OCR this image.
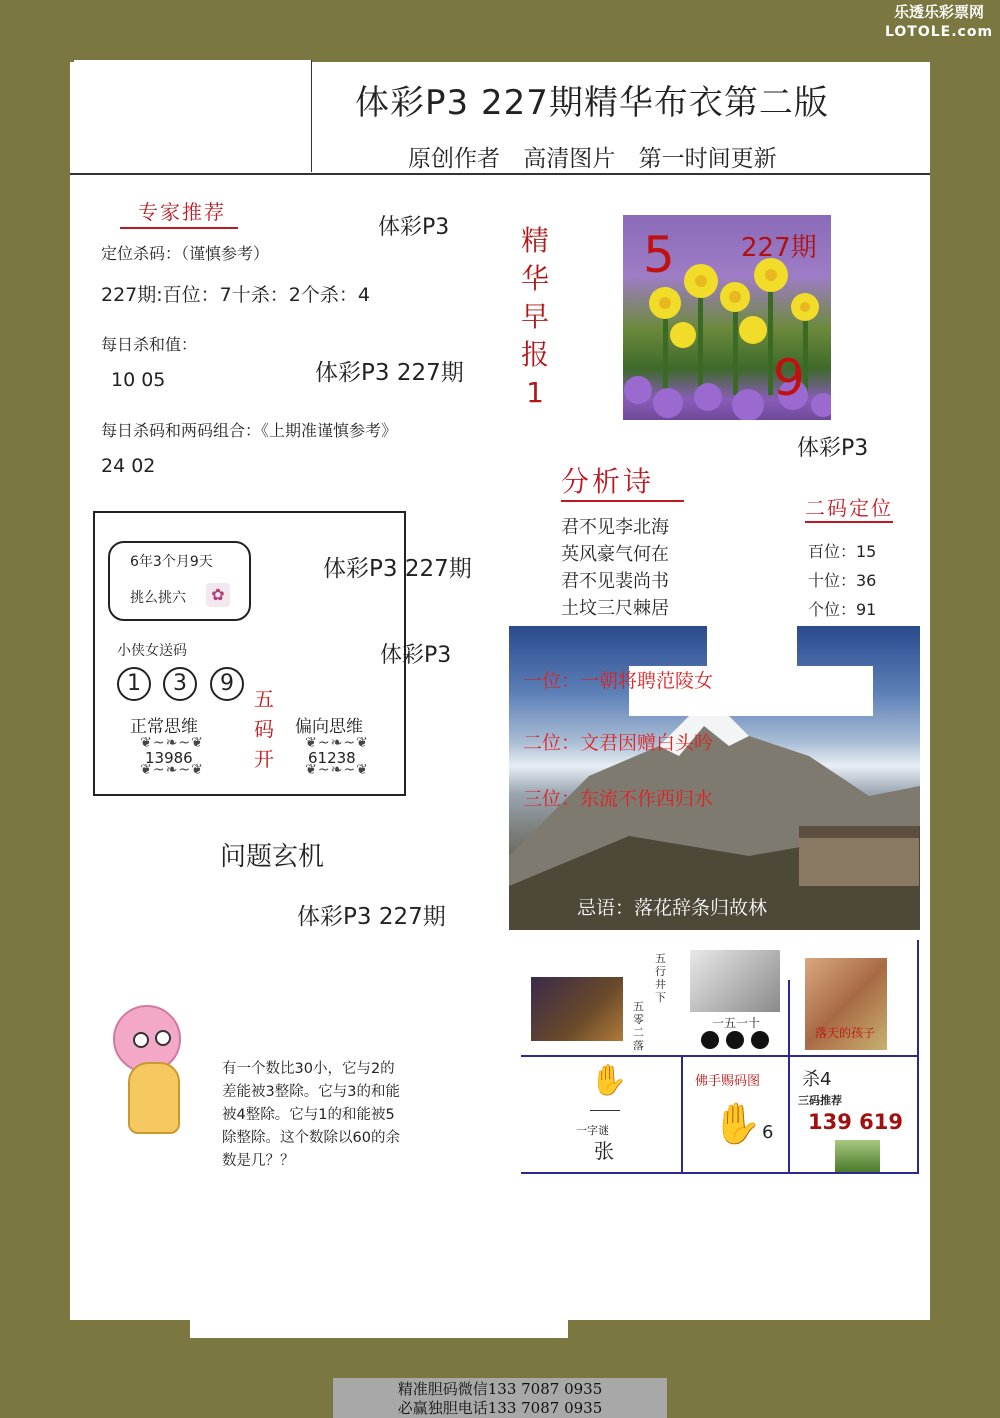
乐透乐彩票网
LOTOLE.com
体彩P3 227期精华布衣第二版
原创作者 高清图片 第一时间更新
专家推荐
定位杀码：（谨慎参考）
227期:百位：7十杀：2个杀：4
每日杀和值：
10 05
每日杀码和两码组合：《上期准谨慎参考》
24 02
体彩P3
体彩P3 227期
体彩P3
体彩P3 227期
体彩P3
体彩P3 227期
精
华
早
报
1
5	227期
9
分析诗
君不见李北海
英风豪气何在
君不见裴尚书
土坟三尺棘居
二码定位
百位：15
十位：36
个位：91
6年3个月9天
挑么挑六	✿
小侠女送码
1	3	9
五
码
开
正常思维
❦~❧~❦
13986
❦~❧~❦
偏向思维
❦~❧~❦
61238
❦~❧~❦
一位：一朝将聘范陵女
二位：文君因赠白头吟
三位：东流不作西归水
忌语：落花辞条归故林
问题玄机
有一个数比30小，它与2的
差能被3整除。它与3的和能
被4整除。它与1的和能被5
除整除。这个数除以60的余
数是几？？
五
行
井
下
五
零
二
落
一五一十

落天的孩子
✋
一字谜
张
佛手赐码图
✋ 6
杀4
三码推荐
139 619
精准胆码微信133 7087 0935
必赢独胆电话133 7087 0935
